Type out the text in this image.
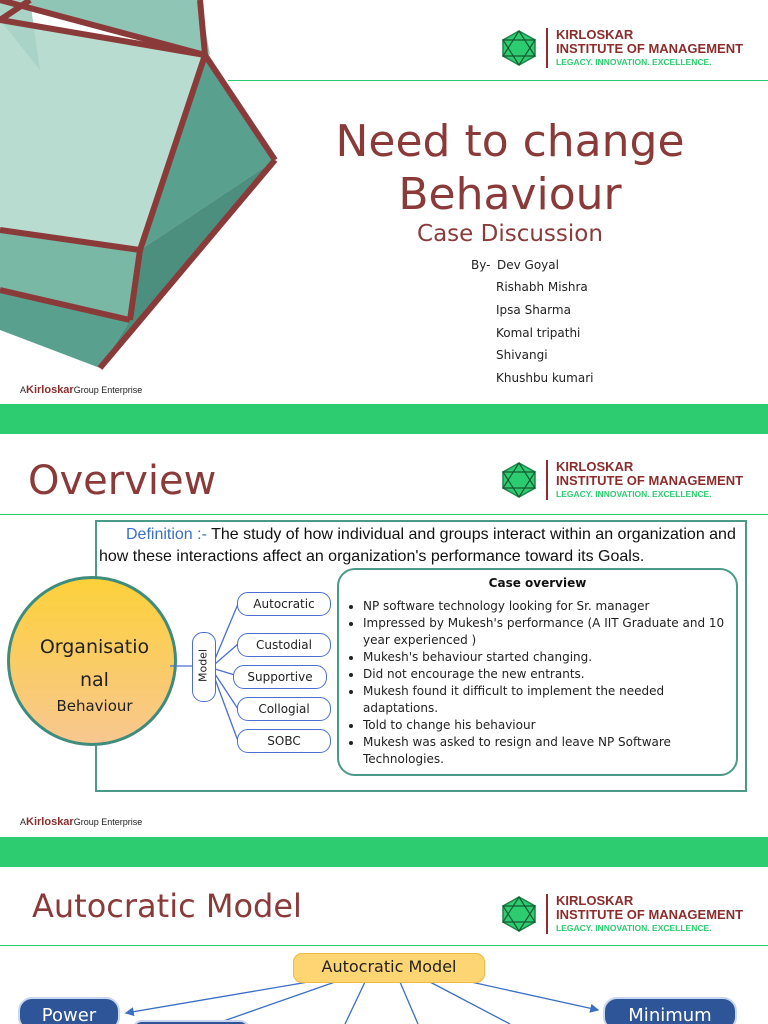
KIRLOSKAR
INSTITUTE OF MANAGEMENT
LEGACY. INNOVATION. EXCELLENCE.
Need to change
Behaviour
Case Discussion
By- Dev Goyal
Rishabh Mishra
Ipsa Sharma
Komal tripathi
Shivangi
Khushbu kumari
AKirloskarGroup Enterprise
Overview	KIRLOSKAR
INSTITUTE OF MANAGEMENT
LEGACY. INNOVATION. EXCELLENCE.
Definition :- The study of how individual and groups interact within an organization and how these interactions affect an organization's performance toward its Goals.
Organisatio
nal
Behaviour
Model
Autocratic
Custodial
Supportive
Collogial
SOBC
Case overview
• NP software technology looking for Sr. manager
• Impressed by Mukesh's performance (A IIT Graduate and 10 year experienced )
• Mukesh's behaviour started changing.
• Did not encourage the new entrants.
• Mukesh found it difficult to implement the needed adaptations.
• Told to change his behaviour
• Mukesh was asked to resign and leave NP Software Technologies.
AKirloskarGroup Enterprise
Autocratic Model	KIRLOSKAR
INSTITUTE OF MANAGEMENT
LEGACY. INNOVATION. EXCELLENCE.
Autocratic Model
Power	Minimum
